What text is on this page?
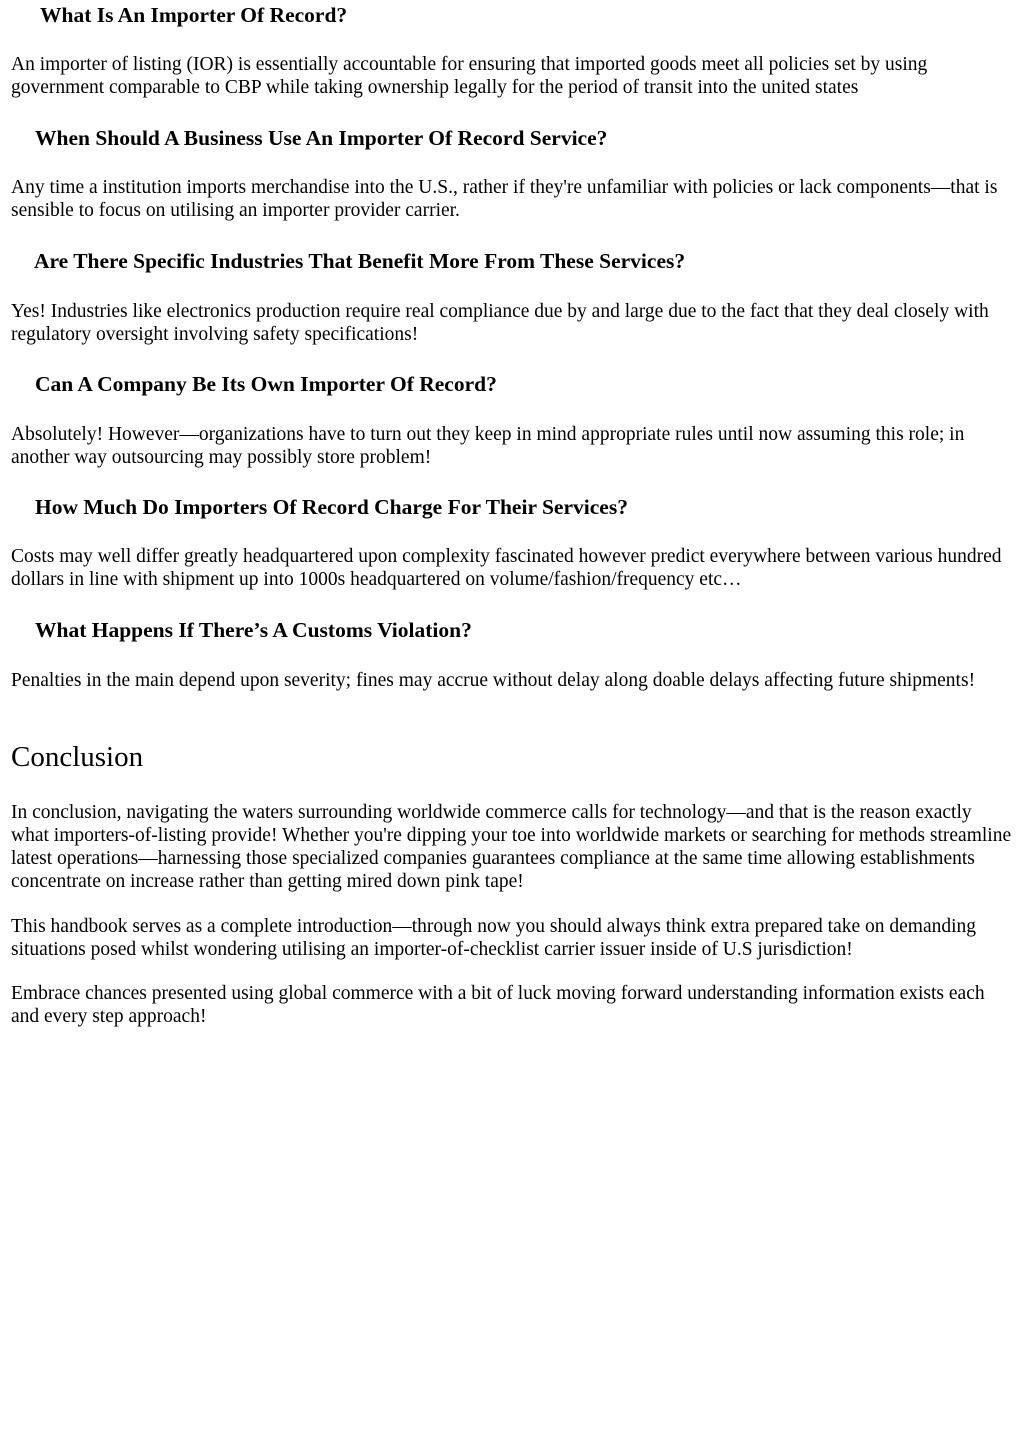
What Is An Importer Of Record?

An importer of listing (IOR) is essentially accountable for ensuring that imported goods meet all policies set by using government comparable to CBP while taking ownership legally for the period of transit into the united states

When Should A Business Use An Importer Of Record Service?

Any time a institution imports merchandise into the U.S., rather if they're unfamiliar with policies or lack components—that is sensible to focus on utilising an importer provider carrier.

Are There Specific Industries That Benefit More From These Services?

Yes! Industries like electronics production require real compliance due by and large due to the fact that they deal closely with regulatory oversight involving safety specifications!

Can A Company Be Its Own Importer Of Record?

Absolutely! However—organizations have to turn out they keep in mind appropriate rules until now assuming this role; in another way outsourcing may possibly store problem!

How Much Do Importers Of Record Charge For Their Services?

Costs may well differ greatly headquartered upon complexity fascinated however predict everywhere between various hundred dollars in line with shipment up into 1000s headquartered on volume/fashion/frequency etc…

What Happens If There’s A Customs Violation?

Penalties in the main depend upon severity; fines may accrue without delay along doable delays affecting future shipments!

Conclusion

In conclusion, navigating the waters surrounding worldwide commerce calls for technology—and that is the reason exactly what importers-of-listing provide! Whether you're dipping your toe into worldwide markets or searching for methods streamline latest operations—harnessing those specialized companies guarantees compliance at the same time allowing establishments concentrate on increase rather than getting mired down pink tape!

This handbook serves as a complete introduction—through now you should always think extra prepared take on demanding situations posed whilst wondering utilising an importer-of-checklist carrier issuer inside of U.S jurisdiction!

Embrace chances presented using global commerce with a bit of luck moving forward understanding information exists each and every step approach!
